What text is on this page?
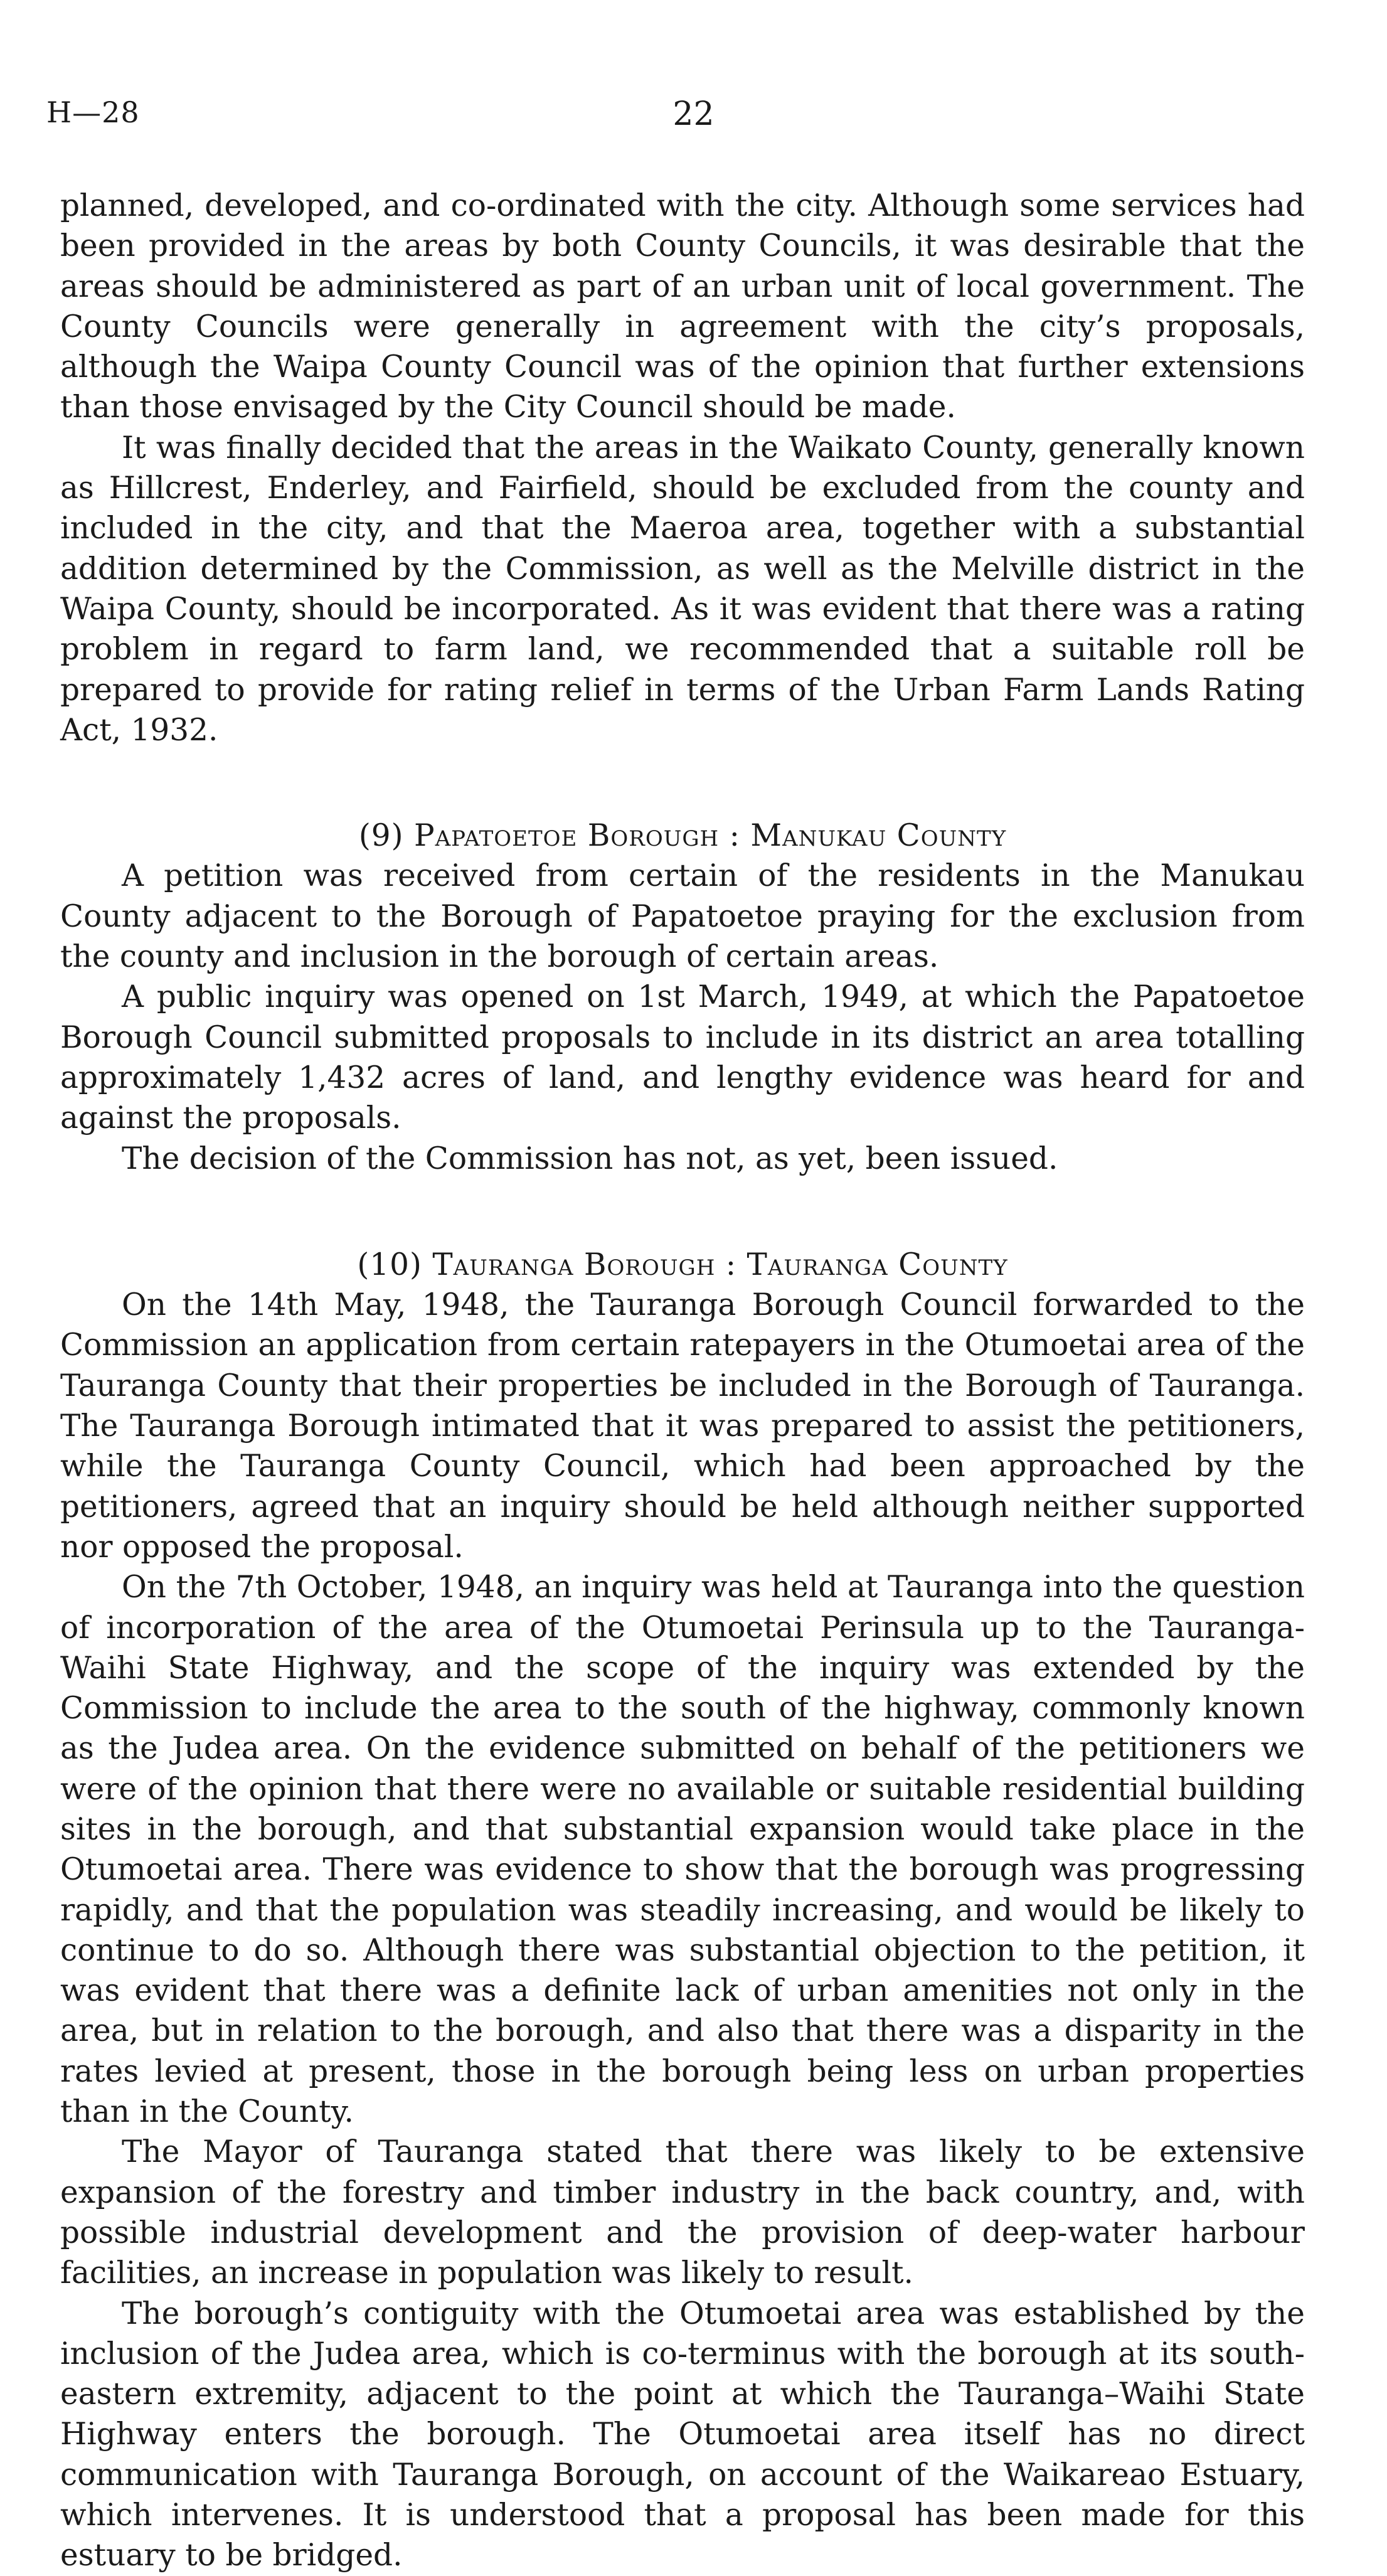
H—28	22

planned, developed, and co-ordinated with the city. Although some services had been provided in the areas by both County Councils, it was desirable that the areas should be administered as part of an urban unit of local government. The County Councils were generally in agreement with the city’s proposals, although the Waipa County Council was of the opinion that further extensions than those envisaged by the City Council should be made.

It was finally decided that the areas in the Waikato County, generally known as Hillcrest, Enderley, and Fairfield, should be excluded from the county and included in the city, and that the Maeroa area, together with a substantial addition determined by the Commission, as well as the Melville district in the Waipa County, should be incorporated. As it was evident that there was a rating problem in regard to farm land, we recommended that a suitable roll be prepared to provide for rating relief in terms of the Urban Farm Lands Rating Act, 1932.

(9) Papatoetoe Borough : Manukau County

A petition was received from certain of the residents in the Manukau County adjacent to the Borough of Papatoetoe praying for the exclusion from the county and inclusion in the borough of certain areas.

A public inquiry was opened on 1st March, 1949, at which the Papatoetoe Borough Council submitted proposals to include in its district an area totalling approximately 1,432 acres of land, and lengthy evidence was heard for and against the proposals.

The decision of the Commission has not, as yet, been issued.

(10) Tauranga Borough : Tauranga County

On the 14th May, 1948, the Tauranga Borough Council forwarded to the Commission an application from certain ratepayers in the Otumoetai area of the Tauranga County that their properties be included in the Borough of Tauranga. The Tauranga Borough intimated that it was prepared to assist the petitioners, while the Tauranga County Council, which had been approached by the petitioners, agreed that an inquiry should be held although neither supported nor opposed the proposal.

On the 7th October, 1948, an inquiry was held at Tauranga into the question of incorporation of the area of the Otumoetai Perinsula up to the Tauranga-Waihi State Highway, and the scope of the inquiry was extended by the Commission to include the area to the south of the highway, commonly known as the Judea area. On the evidence submitted on behalf of the petitioners we were of the opinion that there were no available or suitable residential building sites in the borough, and that substantial expansion would take place in the Otumoetai area. There was evidence to show that the borough was progressing rapidly, and that the population was steadily increasing, and would be likely to continue to do so. Although there was substantial objection to the petition, it was evident that there was a definite lack of urban amenities not only in the area, but in relation to the borough, and also that there was a disparity in the rates levied at present, those in the borough being less on urban properties than in the County.

The Mayor of Tauranga stated that there was likely to be extensive expansion of the forestry and timber industry in the back country, and, with possible industrial development and the provision of deep-water harbour facilities, an increase in population was likely to result.

The borough’s contiguity with the Otumoetai area was established by the inclusion of the Judea area, which is co-terminus with the borough at its south-eastern extremity, adjacent to the point at which the Tauranga–Waihi State Highway enters the borough. The Otumoetai area itself has no direct communication with Tauranga Borough, on account of the Waikareao Estuary, which intervenes. It is understood that a proposal has been made for this estuary to be bridged.
